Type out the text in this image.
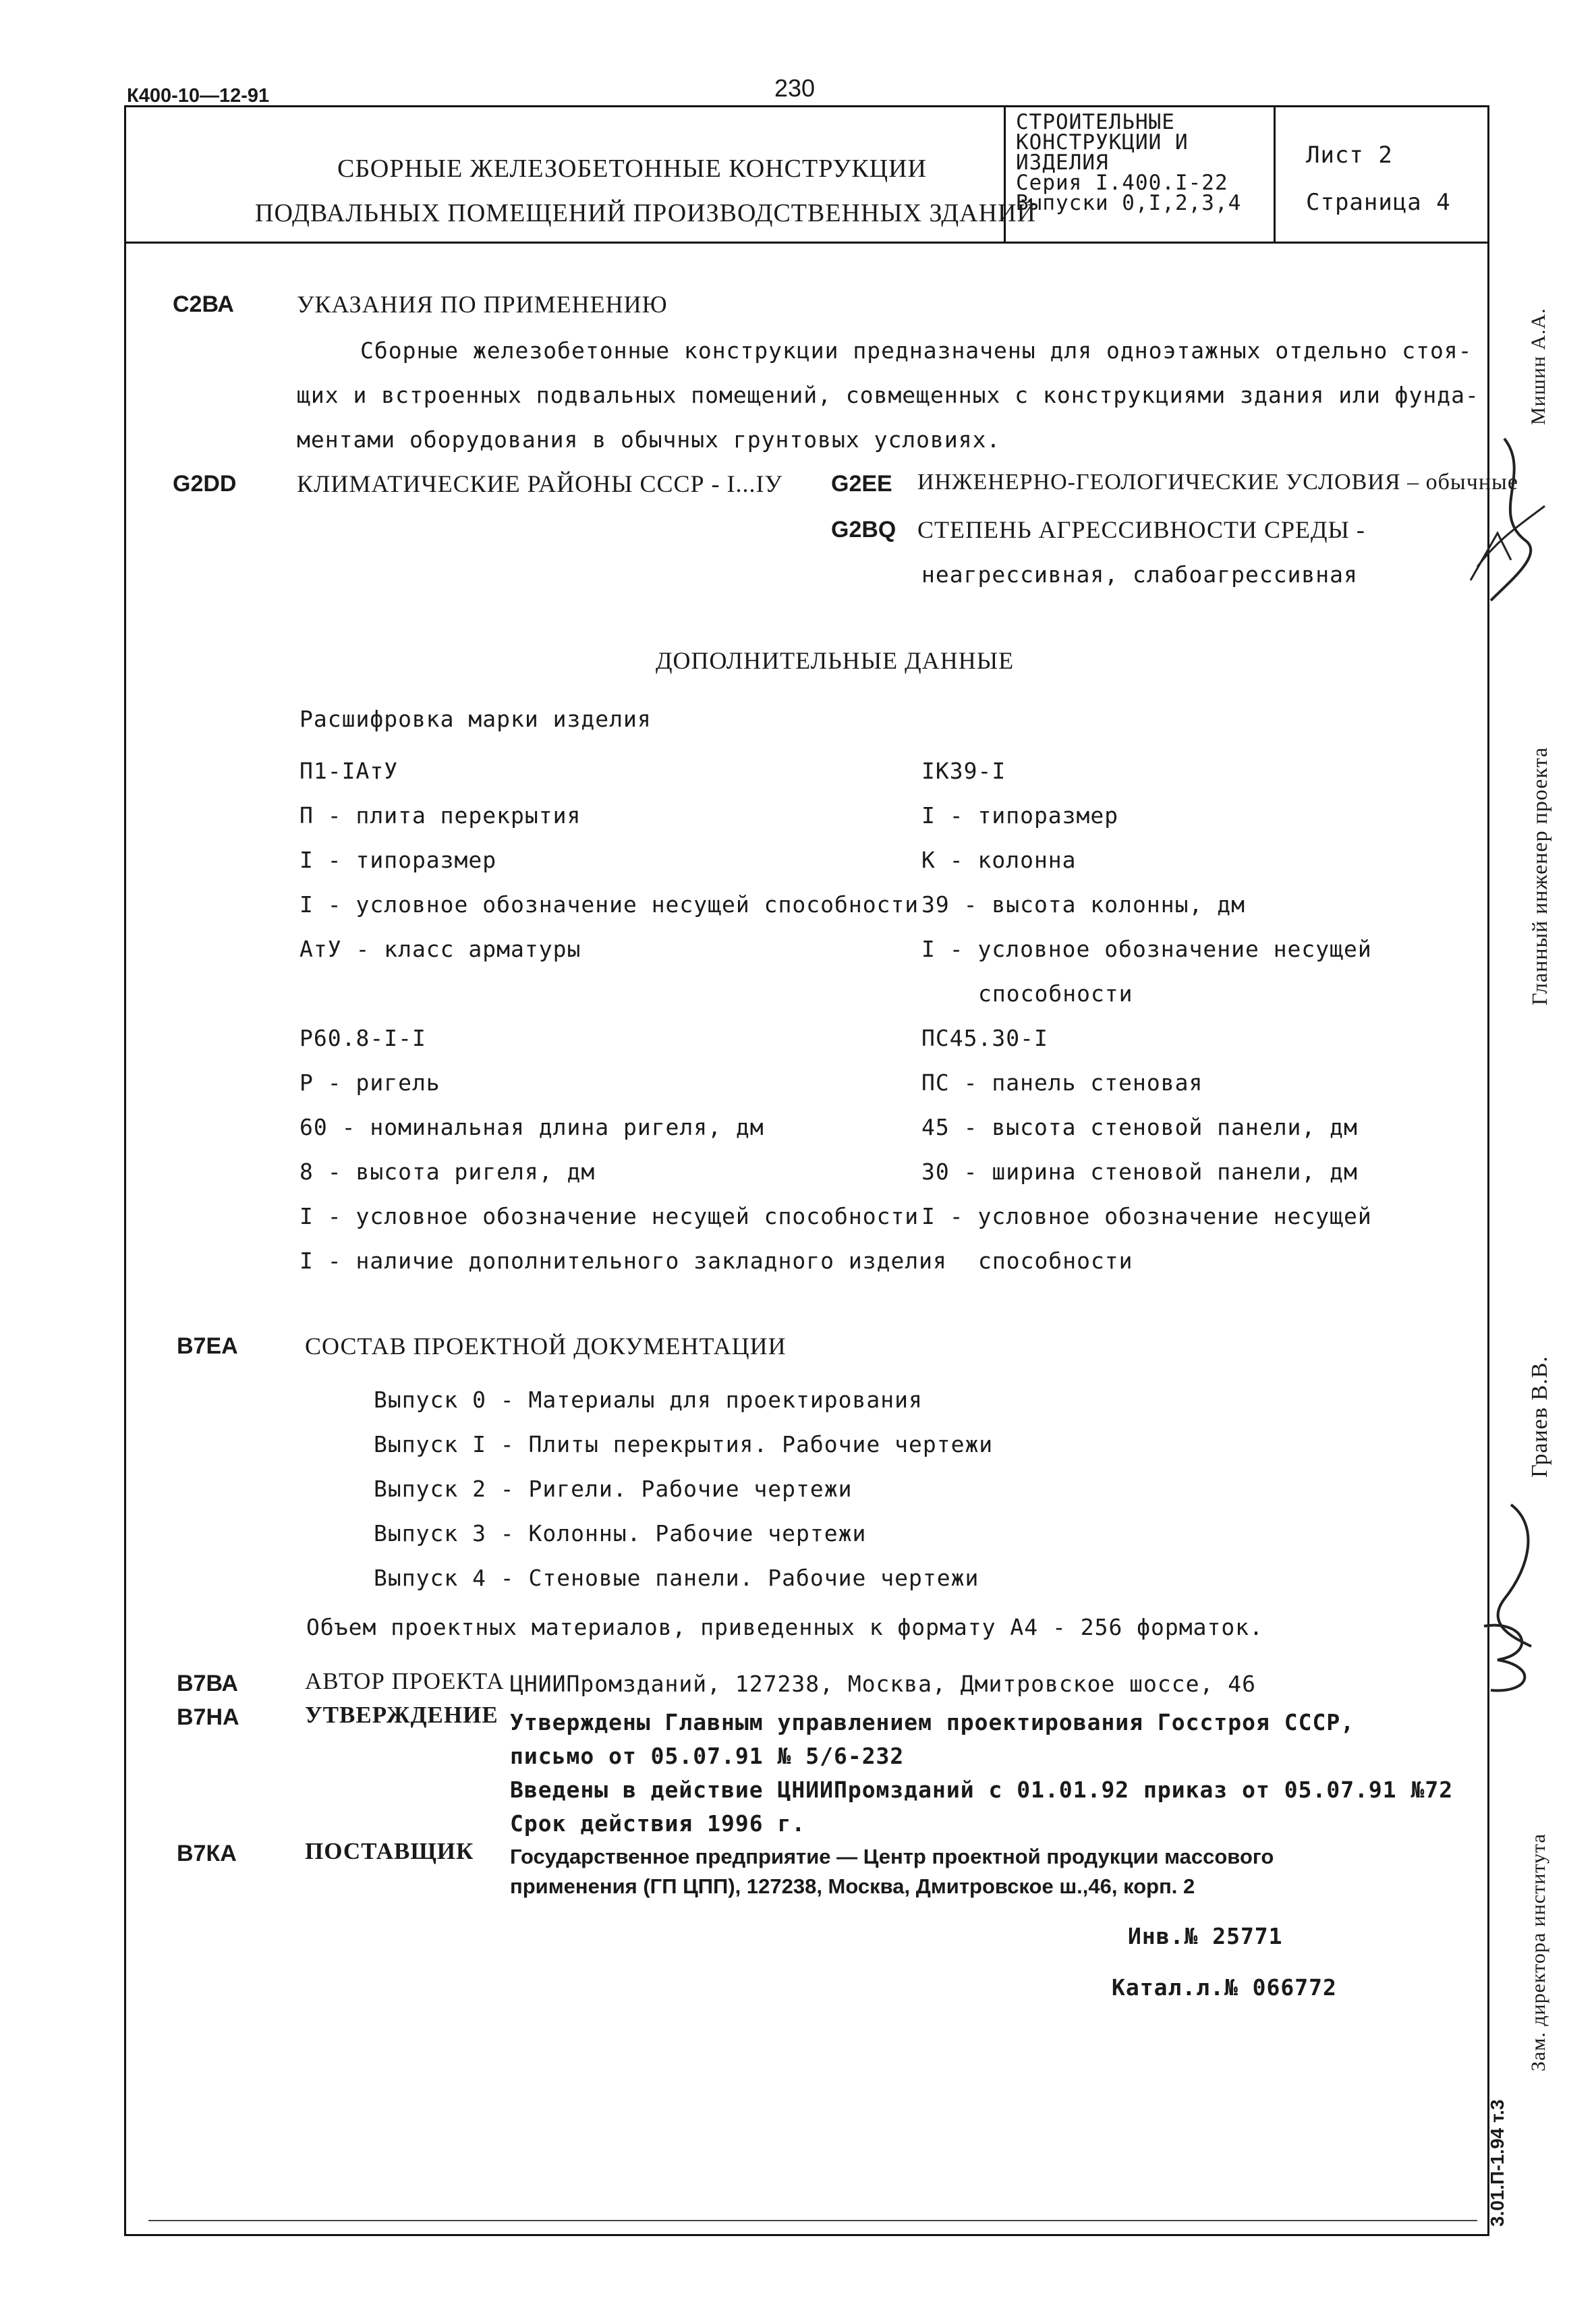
К400-10—12-91	230
СБОРНЫЕ ЖЕЛЕЗОБЕТОННЫЕ КОНСТРУКЦИИ
ПОДВАЛЬНЫХ ПОМЕЩЕНИЙ ПРОИЗВОДСТВЕННЫХ ЗДАНИЙ
СТРОИТЕЛЬНЫЕ
КОНСТРУКЦИИ И
ИЗДЕЛИЯ
Серия I.400.I-22
Выпуски 0,I,2,3,4
Лист 2
Страница 4
С2ВА	УКАЗАНИЯ ПО ПРИМЕНЕНИЮ
Сборные железобетонные конструкции предназначены для одноэтажных отдельно стоя-
щих и встроенных подвальных помещений, совмещенных с конструкциями здания или фунда-
ментами оборудования в обычных грунтовых условиях.
G2DD КЛИМАТИЧЕСКИЕ РАЙОНЫ СССР - I...IУ G2EE ИНЖЕНЕРНО-ГЕОЛОГИЧЕСКИЕ УСЛОВИЯ – обычные
G2BQ СТЕПЕНЬ АГРЕССИВНОСТИ СРЕДЫ -
неагрессивная, слабоагрессивная
ДОПОЛНИТЕЛЬНЫЕ ДАННЫЕ
Расшифровка марки изделия
П1-IАтУ
П - плита перекрытия
I - типоразмер
I - условное обозначение несущей способности
АтУ - класс арматуры
Р60.8-I-I
Р - ригель
60 - номинальная длина ригеля, дм
8 - высота ригеля, дм
I - условное обозначение несущей способности
I - наличие дополнительного закладного изделия
IК39-I
I - типоразмер
К - колонна
39 - высота колонны, дм
I - условное обозначение несущей
способности
ПС45.30-I
ПС - панель стеновая
45 - высота стеновой панели, дм
30 - ширина стеновой панели, дм
I - условное обозначение несущей
способности
В7ЕА	СОСТАВ ПРОЕКТНОЙ ДОКУМЕНТАЦИИ
Выпуск 0 - Материалы для проектирования
Выпуск I - Плиты перекрытия. Рабочие чертежи
Выпуск 2 - Ригели. Рабочие чертежи
Выпуск 3 - Колонны. Рабочие чертежи
Выпуск 4 - Стеновые панели. Рабочие чертежи
Объем проектных материалов, приведенных к формату А4 - 256 форматок.
В7ВА	АВТОР ПРОЕКТА ЦНИИПромзданий, 127238, Москва, Дмитровское шоссе, 46
В7НА	УТВЕРЖДЕНИЕ Утверждены Главным управлением проектирования Госстроя СССР,
письмо от 05.07.91 № 5/6-232
Введены в действие ЦНИИПромзданий с 01.01.92 приказ от 05.07.91 №72
Срок действия 1996 г.
В7КА	ПОСТАВЩИК Государственное предприятие — Центр проектной продукции массового
применения (ГП ЦПП), 127238, Москва, Дмитровское ш.,46, корп. 2
Инв.№ 25771
Катал.л.№ 066772
Гланный инженер проекта
Мишин А.А.
Граиев В.В.
Зам. директора института
3.01.П-1.94 т.3
